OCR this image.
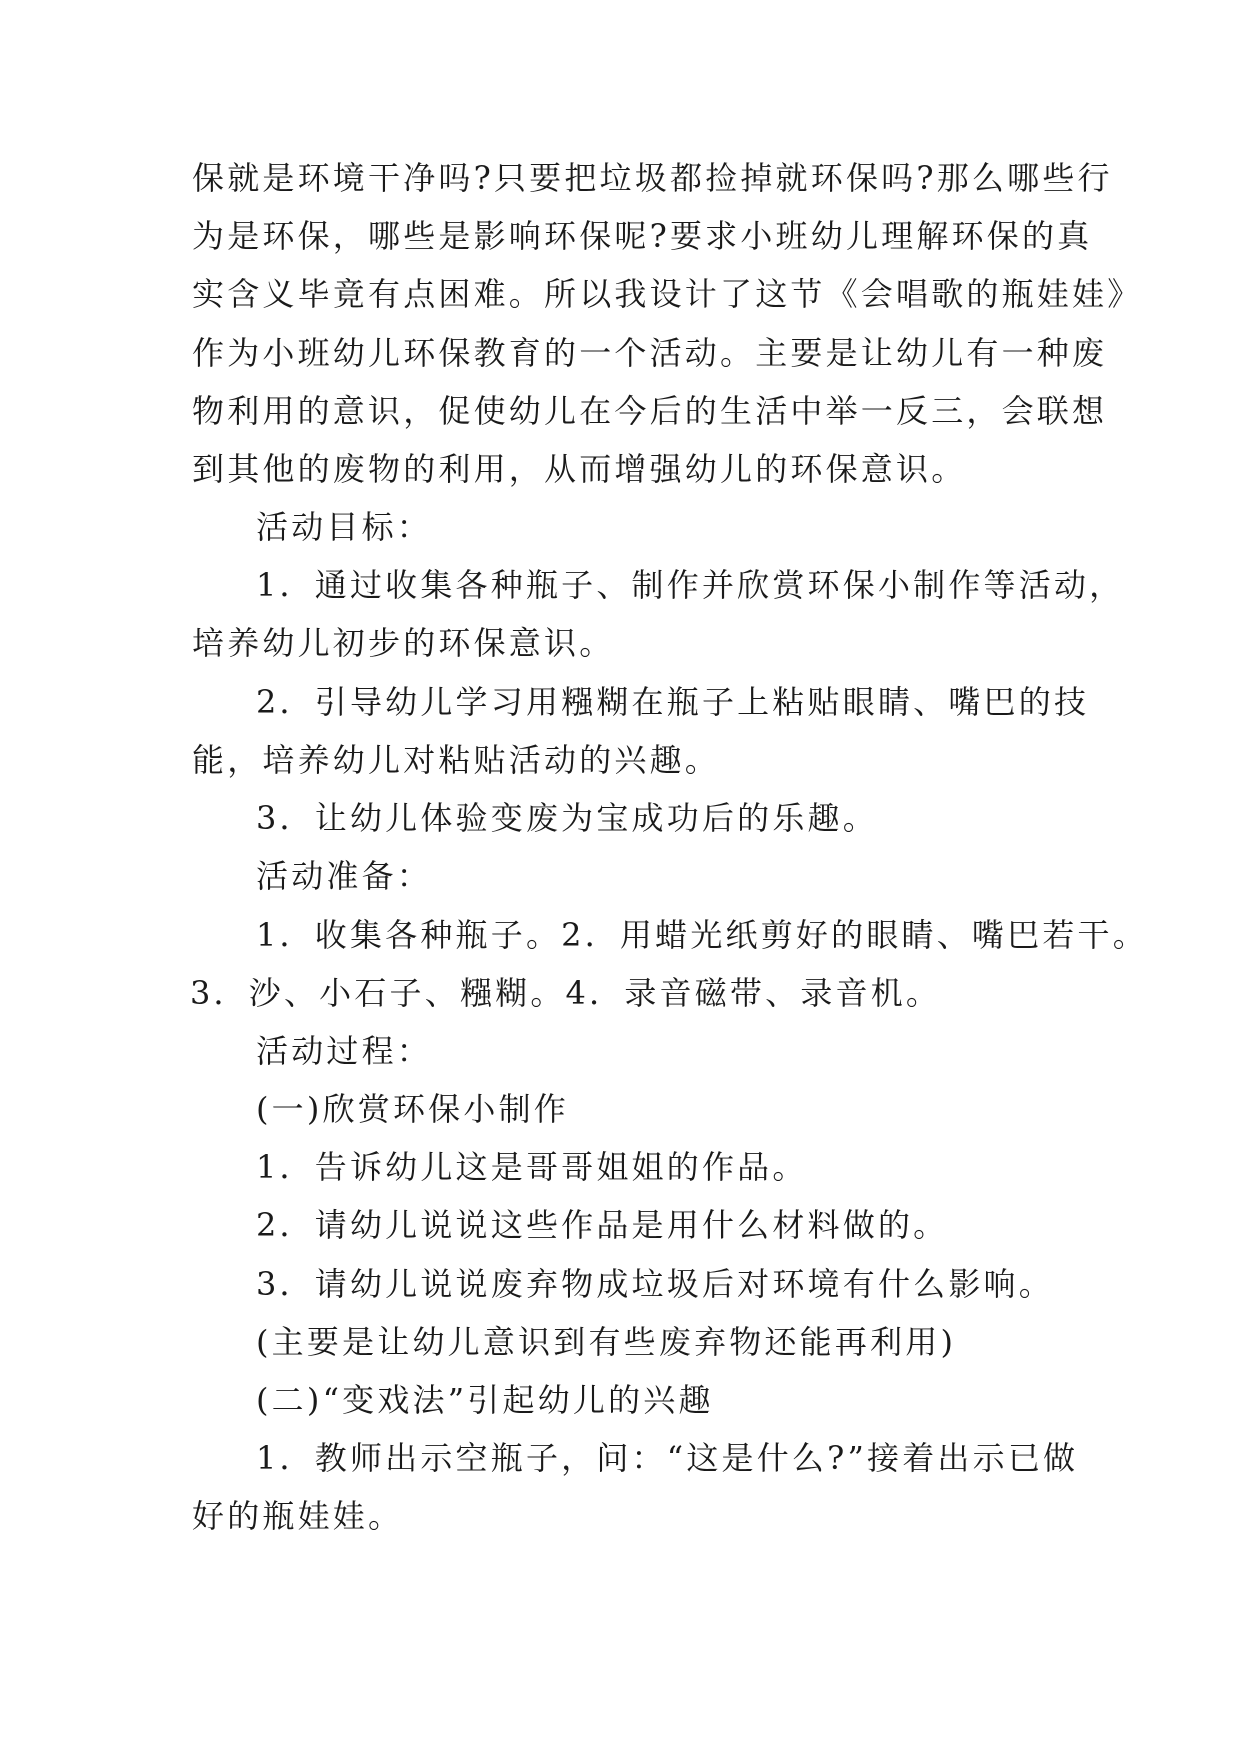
保就是环境干净吗?只要把垃圾都捡掉就环保吗?那么哪些行
为是环保，哪些是影响环保呢?要求小班幼儿理解环保的真
实含义毕竟有点困难。所以我设计了这节《会唱歌的瓶娃娃》
作为小班幼儿环保教育的一个活动。主要是让幼儿有一种废
物利用的意识，促使幼儿在今后的生活中举一反三，会联想
到其他的废物的利用，从而增强幼儿的环保意识。
活动目标：
1．通过收集各种瓶子、制作并欣赏环保小制作等活动，
培养幼儿初步的环保意识。
2．引导幼儿学习用糨糊在瓶子上粘贴眼睛、嘴巴的技
能，培养幼儿对粘贴活动的兴趣。
3．让幼儿体验变废为宝成功后的乐趣。
活动准备：
1．收集各种瓶子。2．用蜡光纸剪好的眼睛、嘴巴若干。
3．沙、小石子、糨糊。4．录音磁带、录音机。
活动过程：
(一)欣赏环保小制作
1．告诉幼儿这是哥哥姐姐的作品。
2．请幼儿说说这些作品是用什么材料做的。
3．请幼儿说说废弃物成垃圾后对环境有什么影响。
(主要是让幼儿意识到有些废弃物还能再利用)
(二)“变戏法”引起幼儿的兴趣
1．教师出示空瓶子，问：“这是什么?”接着出示已做
好的瓶娃娃。
